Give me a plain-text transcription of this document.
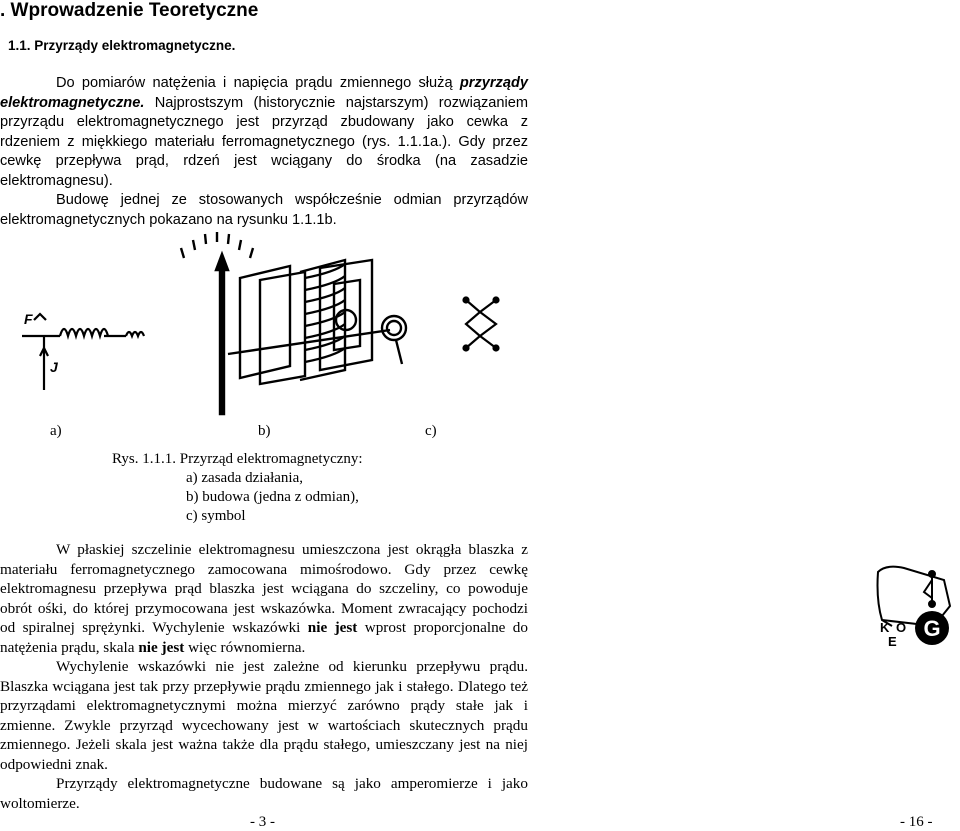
. Wprowadzenie Teoretyczne
1.1. Przyrządy elektromagnetyczne.
Do pomiarów natężenia i napięcia prądu zmiennego służą przyrządy elektromagnetyczne. Najprostszym (historycznie najstarszym) rozwiązaniem przyrządu elektromagnetycznego jest przyrząd zbudowany jako cewka z rdzeniem z miękkiego materiału ferromagnetycznego (rys. 1.1.1a.). Gdy przez cewkę przepływa prąd, rdzeń jest wciągany do środka (na zasadzie elektromagnesu).
Budowę jednej ze stosowanych współcześnie odmian przyrządów elektromagnetycznych pokazano na rysunku 1.1.1b.
F
J
a)	b)	c)
Rys. 1.1.1. Przyrząd elektromagnetyczny:
a) zasada działania,
b) budowa (jedna z odmian),
c) symbol
W płaskiej szczelinie elektromagnesu umieszczona jest okrągła blaszka z materiału ferromagnetycznego zamocowana mimośrodowo. Gdy przez cewkę elektromagnesu przepływa prąd blaszka jest wciągana do szczeliny, co powoduje obrót ośki, do której przymocowana jest wskazówka. Moment zwracający pochodzi od spiralnej sprężynki. Wychylenie wskazówki nie jest wprost proporcjonalne do natężenia prądu, skala nie jest więc równomierna.
Wychylenie wskazówki nie jest zależne od kierunku przepływu prądu. Blaszka wciągana jest tak przy przepływie prądu zmiennego jak i stałego. Dlatego też przyrządami elektromagnetycznymi można mierzyć zarówno prądy stałe jak i zmienne. Zwykle przyrząd wycechowany jest w wartościach skutecznych prądu zmiennego. Jeżeli skala jest ważna także dla prądu stałego, umieszczany jest na niej odpowiedni znak.
Przyrządy elektromagnetyczne budowane są jako amperomierze i jako woltomierze.
- 3 -	- 16 -
G
K
E
O
